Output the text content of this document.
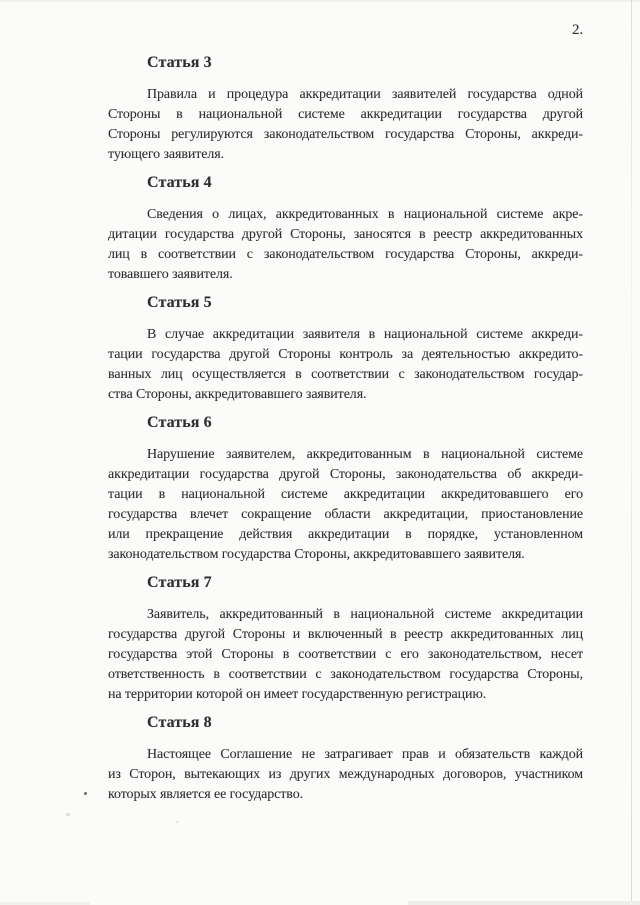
2.
Статья 3
Правила и процедура аккредитации заявителей государства одной
Стороны в национальной системе аккредитации государства другой
Стороны регулируются законодательством государства Стороны, аккреди-
тующего заявителя.
Статья 4
Сведения о лицах, аккредитованных в национальной системе акре-
дитации государства другой Стороны, заносятся в реестр аккредитованных
лиц в соответствии с законодательством государства Стороны, аккреди-
товавшего заявителя.
Статья 5
В случае аккредитации заявителя в национальной системе аккреди-
тации государства другой Стороны контроль за деятельностью аккредито-
ванных лиц осуществляется в соответствии с законодательством государ-
ства Стороны, аккредитовавшего заявителя.
Статья 6
Нарушение заявителем, аккредитованным в национальной системе
аккредитации государства другой Стороны, законодательства об аккреди-
тации в национальной системе аккредитации аккредитовавшего его
государства влечет сокращение области аккредитации, приостановление
или прекращение действия аккредитации в порядке, установленном
законодательством государства Стороны, аккредитовавшего заявителя.
Статья 7
Заявитель, аккредитованный в национальной системе аккредитации
государства другой Стороны и включенный в реестр аккредитованных лиц
государства этой Стороны в соответствии с его законодательством, несет
ответственность в соответствии с законодательством государства Стороны,
на территории которой он имеет государственную регистрацию.
Статья 8
Настоящее Соглашение не затрагивает прав и обязательств каждой
из Сторон, вытекающих из других международных договоров, участником
которых является ее государство.
